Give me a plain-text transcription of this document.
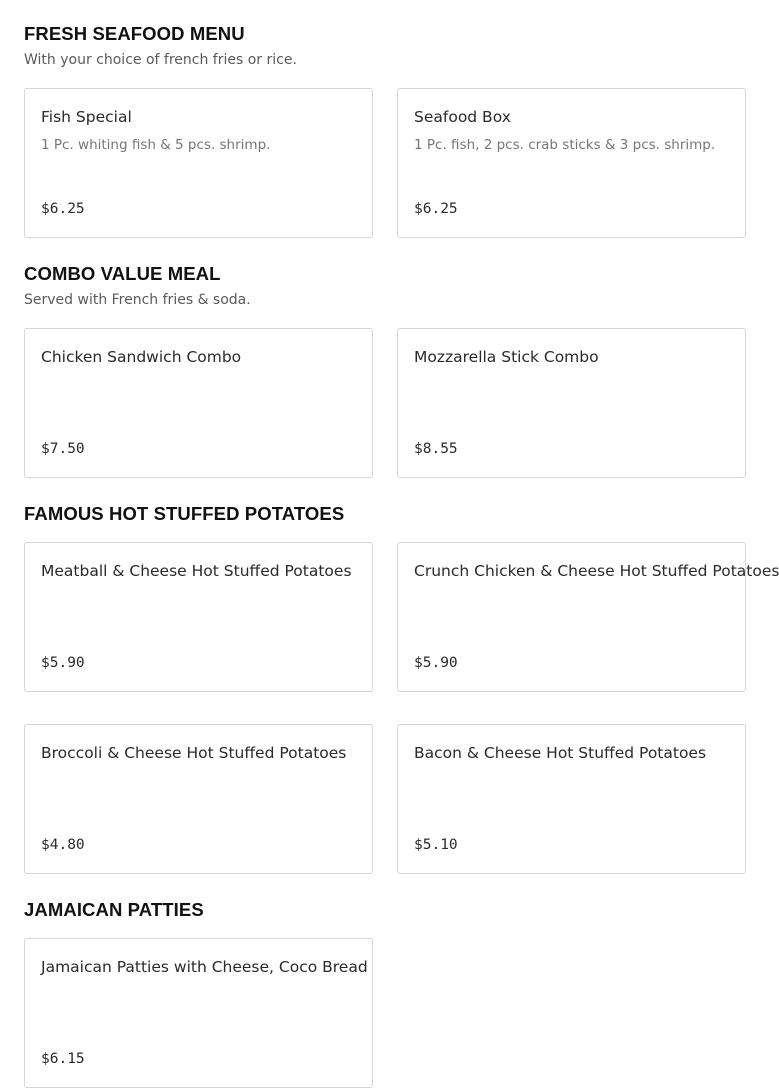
FRESH SEAFOOD MENU

With your choice of french fries or rice.

Fish Special
1 Pc. whiting fish & 5 pcs. shrimp.
$6.25
Seafood Box
1 Pc. fish, 2 pcs. crab sticks & 3 pcs. shrimp.
$6.25
COMBO VALUE MEAL

Served with French fries & soda.

Chicken Sandwich Combo
$7.50
Mozzarella Stick Combo
$8.55
FAMOUS HOT STUFFED POTATOES
Meatball & Cheese Hot Stuffed Potatoes
$5.90
Crunch Chicken & Cheese Hot Stuffed Potatoes
$5.90
Broccoli & Cheese Hot Stuffed Potatoes
$4.80
Bacon & Cheese Hot Stuffed Potatoes
$5.10
JAMAICAN PATTIES
Jamaican Patties with Cheese, Coco Bread
$6.15
